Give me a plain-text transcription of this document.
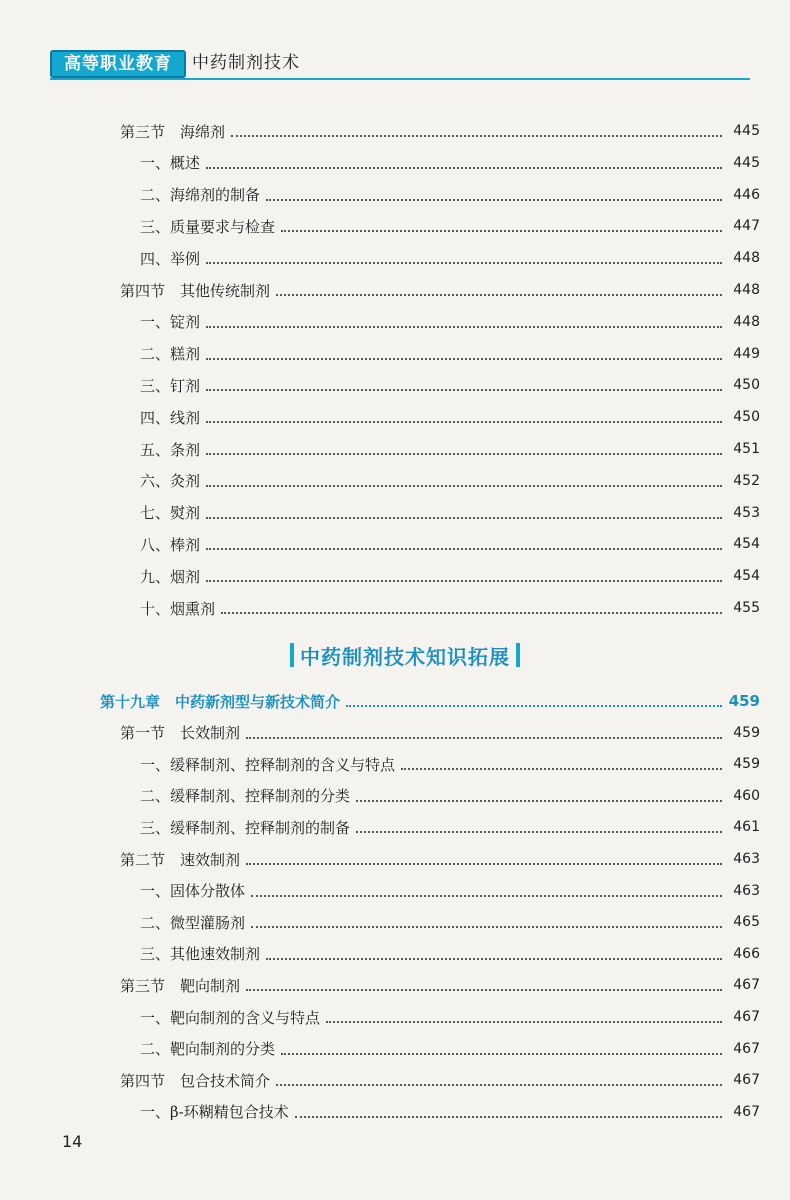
高等职业教育	中药制剂技术
第三节　海绵剂	445
一、概述	445
二、海绵剂的制备	446
三、质量要求与检查	447
四、举例	448
第四节　其他传统制剂	448
一、锭剂	448
二、糕剂	449
三、钉剂	450
四、线剂	450
五、条剂	451
六、灸剂	452
七、熨剂	453
八、棒剂	454
九、烟剂	454
十、烟熏剂	455
第十九章　中药新剂型与新技术简介	459
第一节　长效制剂	459
一、缓释制剂、控释制剂的含义与特点	459
二、缓释制剂、控释制剂的分类	460
三、缓释制剂、控释制剂的制备	461
第二节　速效制剂	463
一、固体分散体	463
二、微型灌肠剂	465
三、其他速效制剂	466
第三节　靶向制剂	467
一、靶向制剂的含义与特点	467
二、靶向制剂的分类	467
第四节　包合技术简介	467
一、β-环糊精包合技术	467
中药制剂技术知识拓展
14
